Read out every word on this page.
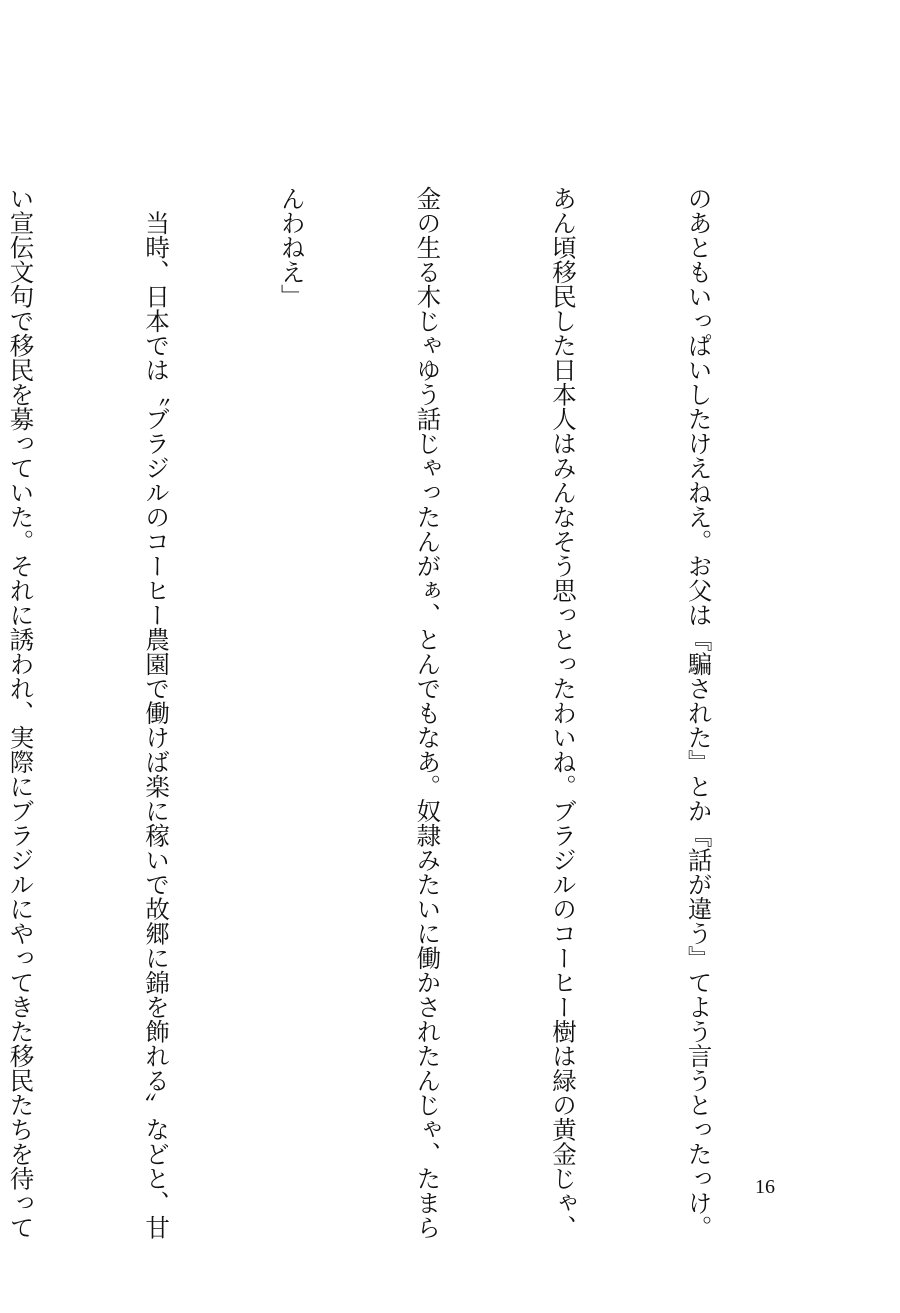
のあともいっぱいしたけえねえ。お父は『騙された』とか『話が違う』てよう言うとったっけ。

あん頃移民した日本人はみんなそう思っとったわいね。ブラジルのコーヒー樹は緑の黄金じゃ、

金の生る木じゃゆう話じゃったんがぁ、とんでもなあ。奴隷みたいに働かされたんじゃ、たまら

んわねえ」

　当時、日本では〝ブラジルのコーヒー農園で働けば楽に稼いで故郷に錦を飾れる〟などと、甘

い宣伝文句で移民を募っていた。それに誘われ、実際にブラジルにやってきた移民たちを待って

	16
